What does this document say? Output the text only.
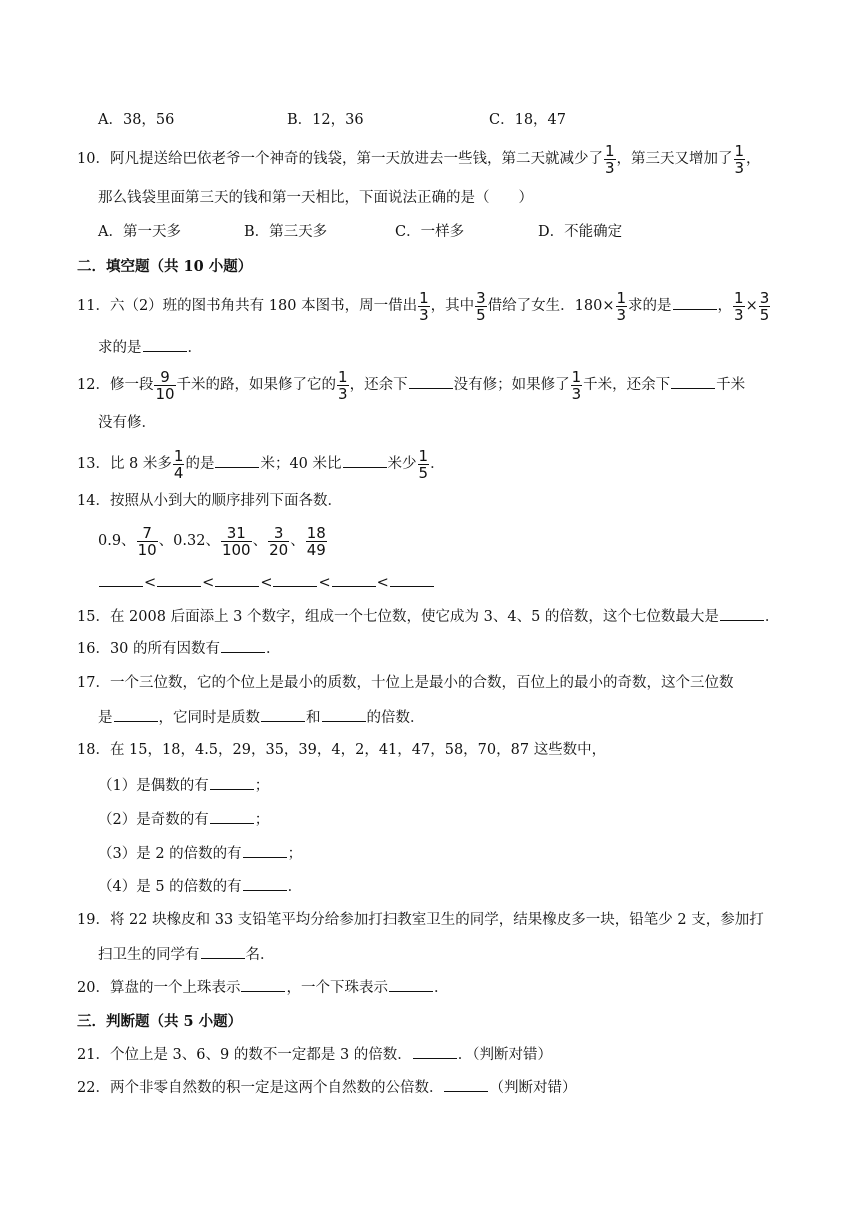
A．38，56	B．12，36	C．18，47
10．阿凡提送给巴依老爷一个神奇的钱袋，第一天放进去一些钱，第二天就减少了 $\frac{1}{3}$ ，第三天又增加了 $\frac{1}{3}$ ，
那么钱袋里面第三天的钱和第一天相比，下面说法正确的是（　　）
A．第一天多	B．第三天多	C．一样多	D．不能确定
二．填空题（共 10 小题）
11．六（2）班的图书角共有 180 本图书，周一借出 $\frac{1}{3}$ ，其中 $\frac{3}{5}$ 借给了女生．$180\times \frac{1}{3}$ 求的是	， $\frac{1}{3} \times \frac{3}{5}$
求的是	．
12．修一段 $\frac{9}{10}$ 千米的路，如果修了它的 $\frac{1}{3}$ ，还余下	没有修；如果修了 $\frac{1}{3}$ 千米，还余下	千米
没有修．
13．比 8 米多 $\frac{1}{4}$ 的是	米；40 米比	米少 $\frac{1}{5}$ ．
14．按照从小到大的顺序排列下面各数．
0.9、 $\frac{7}{10}$ 、0.32、 $\frac{31}{100}$ 、 $\frac{3}{20}$ 、 $\frac{18}{49}$
<	<	<	<	<
15．在 2008 后面添上 3 个数字，组成一个七位数，使它成为 3、4、5 的倍数，这个七位数最大是	．
16．30 的所有因数有	．
17．一个三位数，它的个位上是最小的质数，十位上是最小的合数，百位上的最小的奇数，这个三位数
是	，它同时是质数	和	的倍数．
18．在 15，18，4.5，29，35，39，4，2，41，47，58，70，87 这些数中，
（1）是偶数的有	；
（2）是奇数的有	；
（3）是 2 的倍数的有	；
（4）是 5 的倍数的有	．
19．将 22 块橡皮和 33 支铅笔平均分给参加打扫教室卫生的同学，结果橡皮多一块，铅笔少 2 支，参加打
扫卫生的同学有	名．
20．算盘的一个上珠表示	，一个下珠表示	．
三．判断题（共 5 小题）
21．个位上是 3、6、9 的数不一定都是 3 的倍数．	．（判断对错）
22．两个非零自然数的积一定是这两个自然数的公倍数．	（判断对错）
